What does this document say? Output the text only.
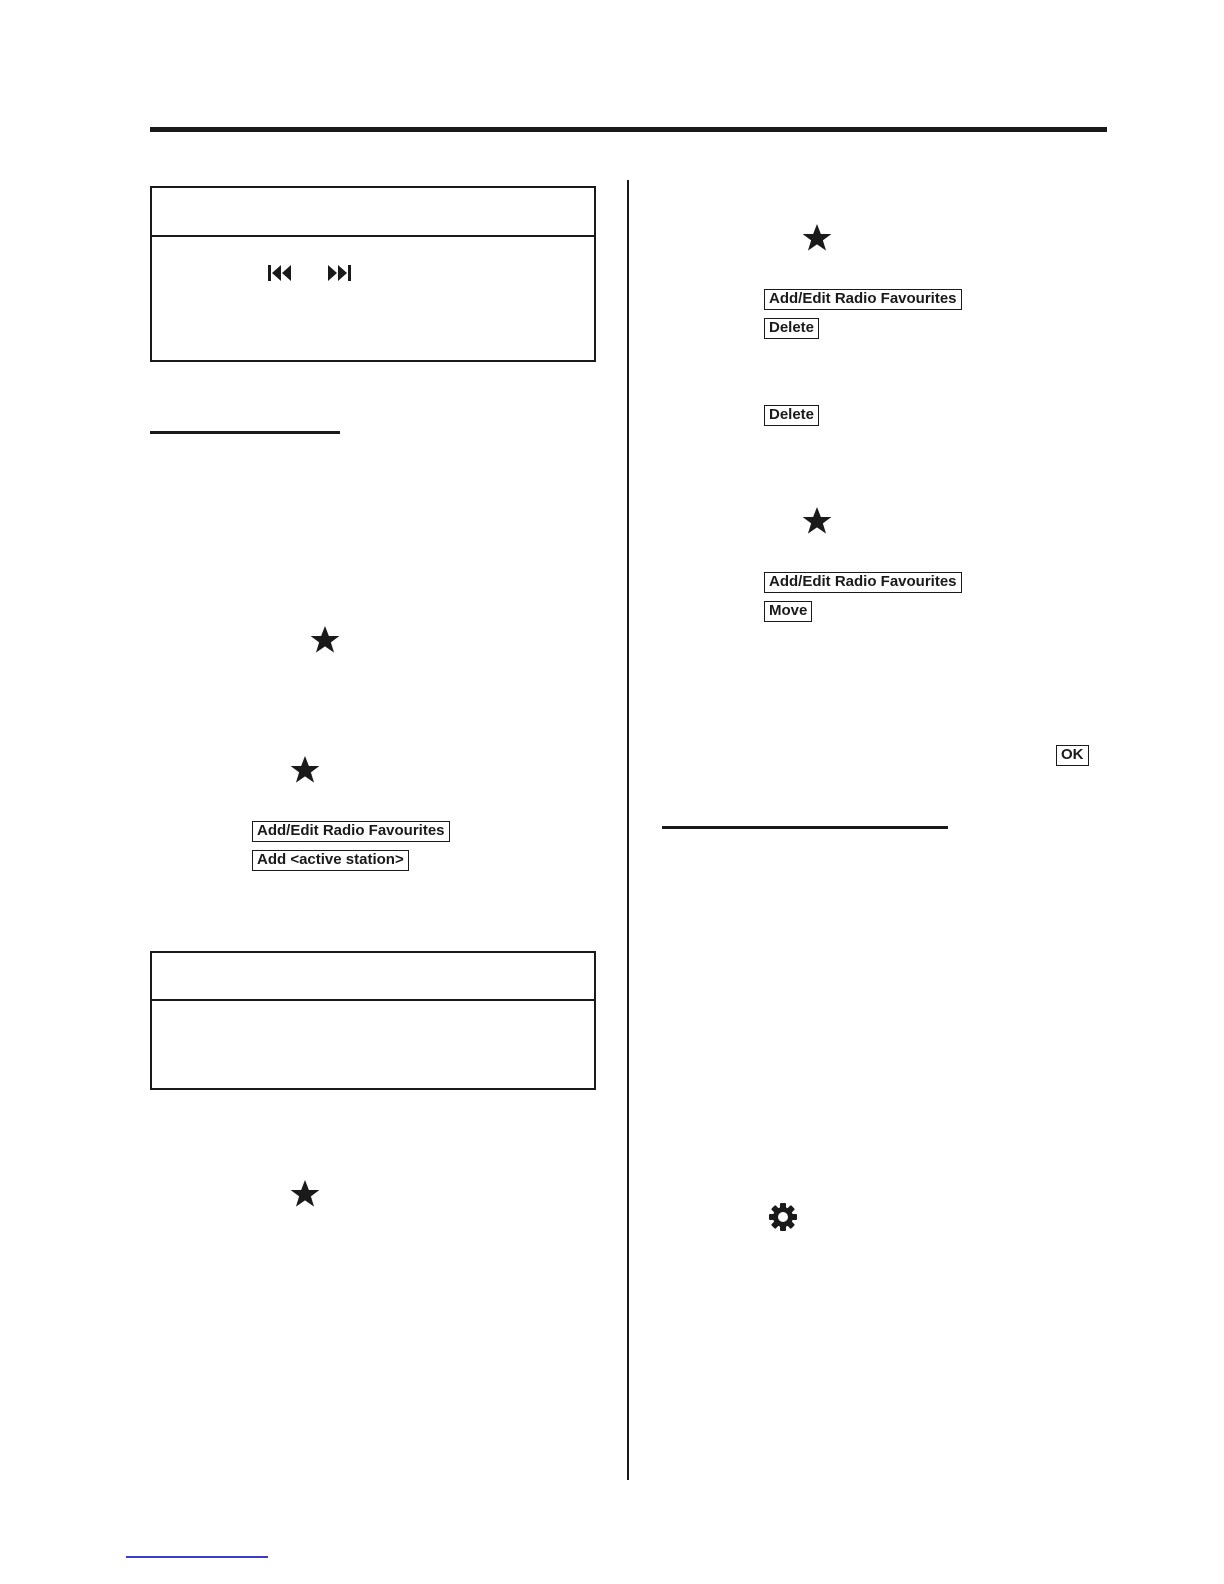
Add/Edit Radio Favourites
Add <active station>
Add/Edit Radio Favourites
Delete
Delete
Add/Edit Radio Favourites
Move
OK
